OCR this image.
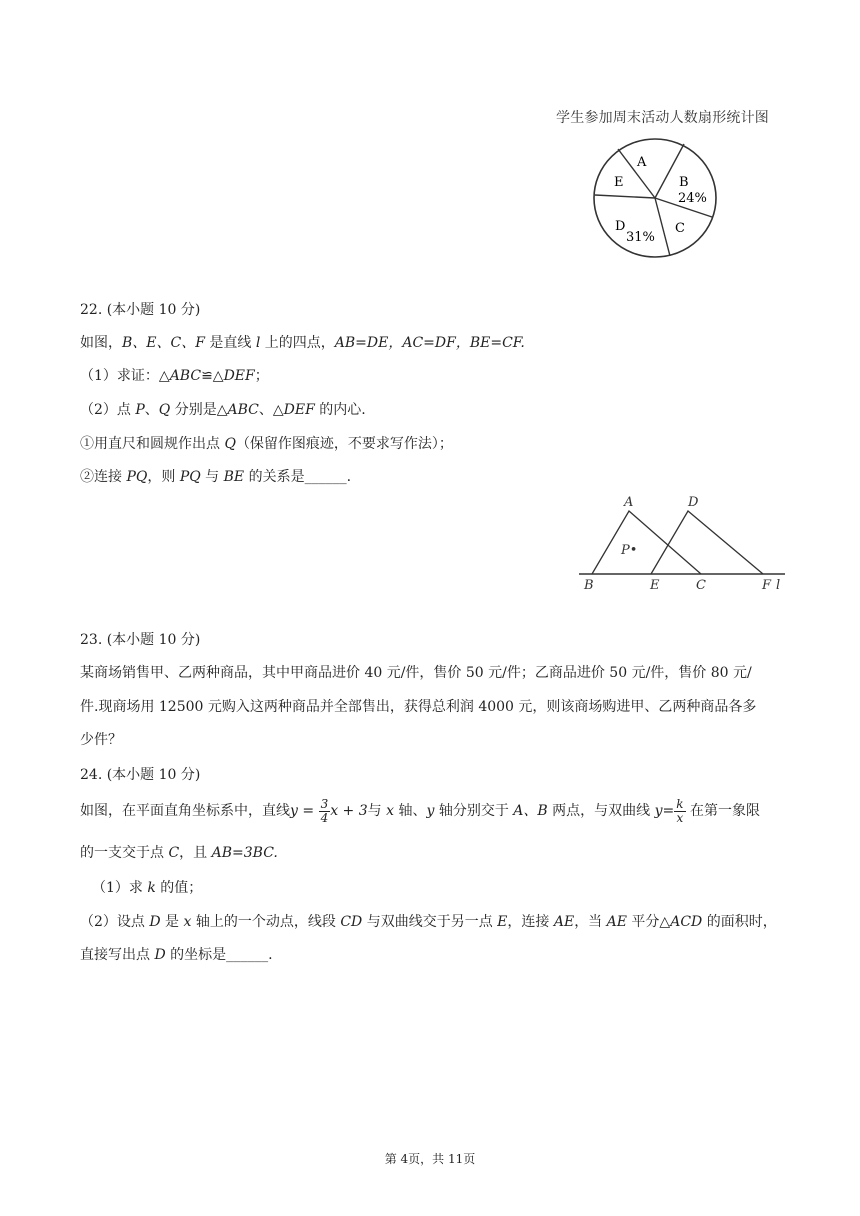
学生参加周末活动人数扇形统计图
A
B
24%
C
D
31%
E
22. (本小题 10 分)
如图，B、E、C、F 是直线 l 上的四点，AB=DE，AC=DF，BE=CF.
（1）求证：△ABC≌△DEF；
（2）点 P、Q 分别是△ABC、△DEF 的内心.
①用直尺和圆规作出点 Q（保留作图痕迹，不要求写作法）；
②连接 PQ，则 PQ 与 BE 的关系是______.
A	D
P•
B	E	C	F l
23. (本小题 10 分)
某商场销售甲、乙两种商品，其中甲商品进价 40 元/件，售价 50 元/件；乙商品进价 50 元/件，售价 80 元/
件.现商场用 12500 元购入这两种商品并全部售出，获得总利润 4000 元，则该商场购进甲、乙两种商品各多
少件？
24. (本小题 10 分)
如图，在平面直角坐标系中，直线$y = \frac{3}{4}$ x + 3与 x 轴、y 轴分别交于 A、B 两点，与双曲线 $y= \frac{k}{x}$ 在第一象限
的一支交于点 C，且 AB=3BC.
（1）求 k 的值；
（2）设点 D 是 x 轴上的一个动点，线段 CD 与双曲线交于另一点 E，连接 AE，当 AE 平分△ACD 的面积时，
直接写出点 D 的坐标是______.
第 4页，共 11页
